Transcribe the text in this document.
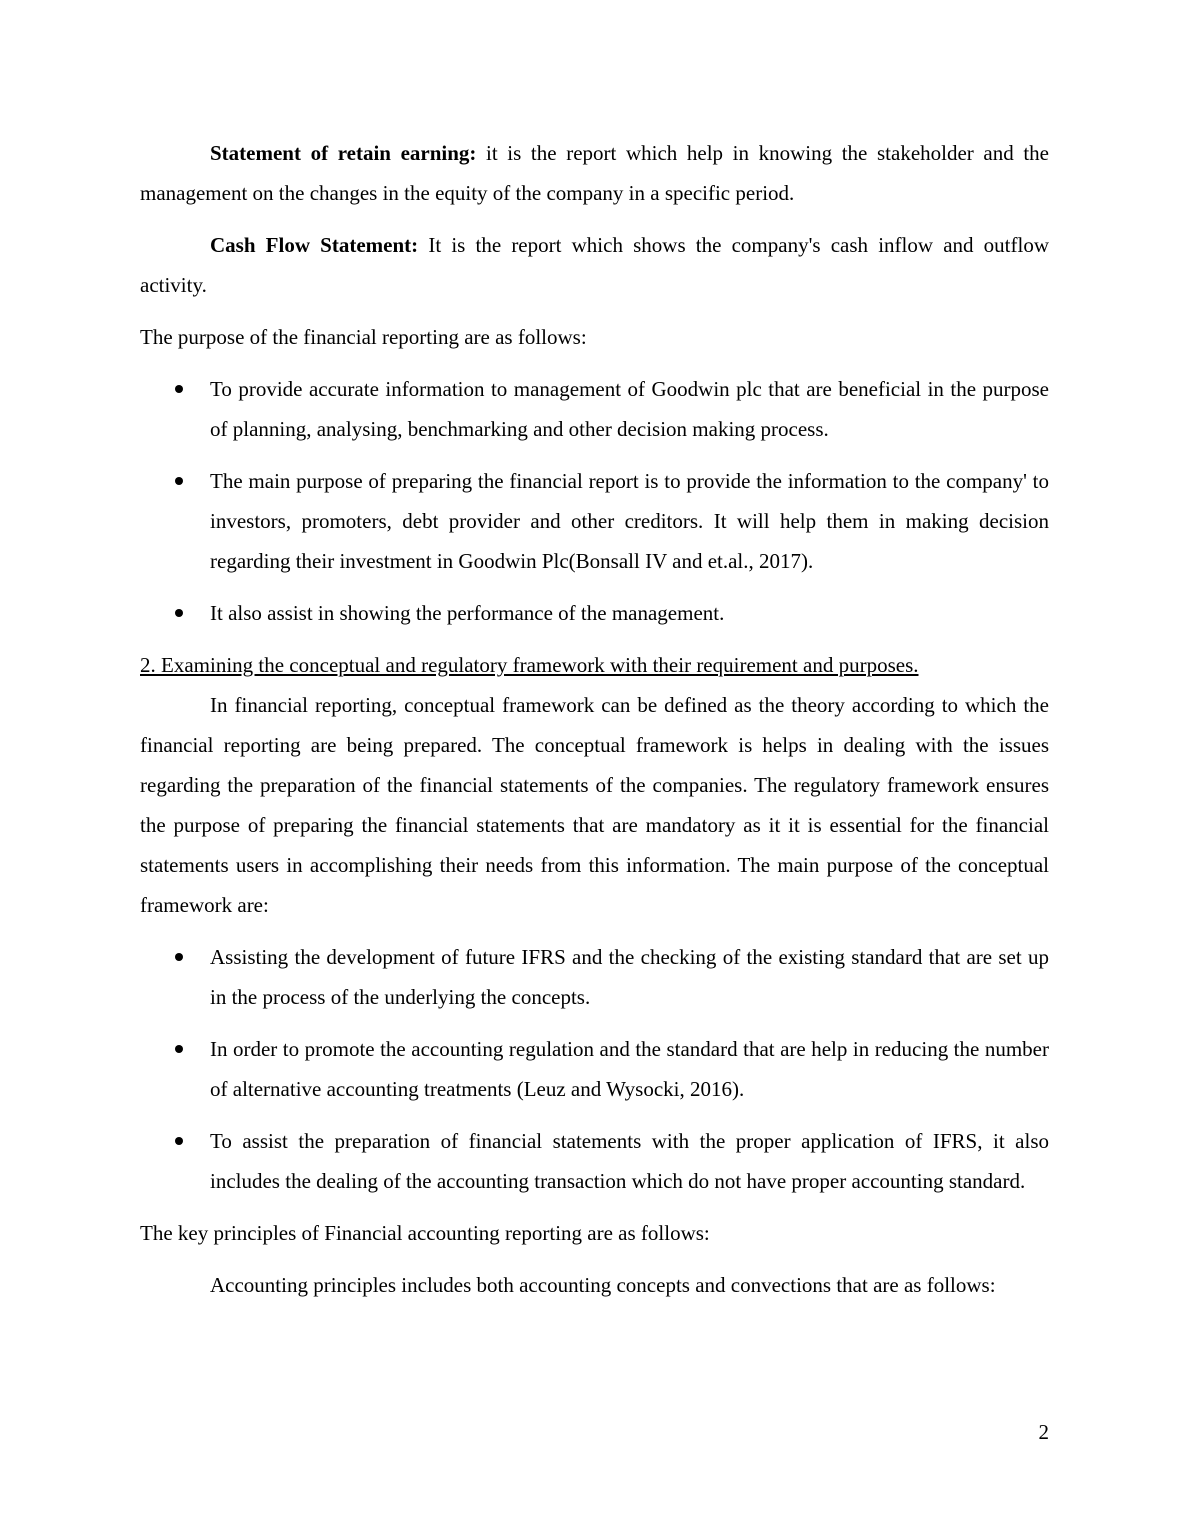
Statement of retain earning: it is the report which help in knowing the stakeholder and the management on the changes in the equity of the company in a specific period.

Cash Flow Statement: It is the report which shows the company's cash inflow and outflow activity.

The purpose of the financial reporting are as follows:

To provide accurate information to management of Goodwin plc that are beneficial in the purpose of planning, analysing, benchmarking and other decision making process.
The main purpose of preparing the financial report is to provide the information to the company' to investors, promoters, debt provider and other creditors. It will help them in making decision regarding their investment in Goodwin Plc(Bonsall IV and et.al., 2017).
It also assist in showing the performance of the management.

2. Examining the conceptual and regulatory framework with their requirement and purposes.

In financial reporting, conceptual framework can be defined as the theory according to which the financial reporting are being prepared. The conceptual framework is helps in dealing with the issues regarding the preparation of the financial statements of the companies. The regulatory framework ensures the purpose of preparing the financial statements that are mandatory as it it is essential for the financial statements users in accomplishing their needs from this information. The main purpose of the conceptual framework are:

Assisting the development of future IFRS and the checking of the existing standard that are set up in the process of the underlying the concepts.
In order to promote the accounting regulation and the standard that are help in reducing the number of alternative accounting treatments (Leuz and Wysocki, 2016).
To assist the preparation of financial statements with the proper application of IFRS, it also includes the dealing of the accounting transaction which do not have proper accounting standard.

The key principles of Financial accounting reporting are as follows:

Accounting principles includes both accounting concepts and convections that are as follows:

2
